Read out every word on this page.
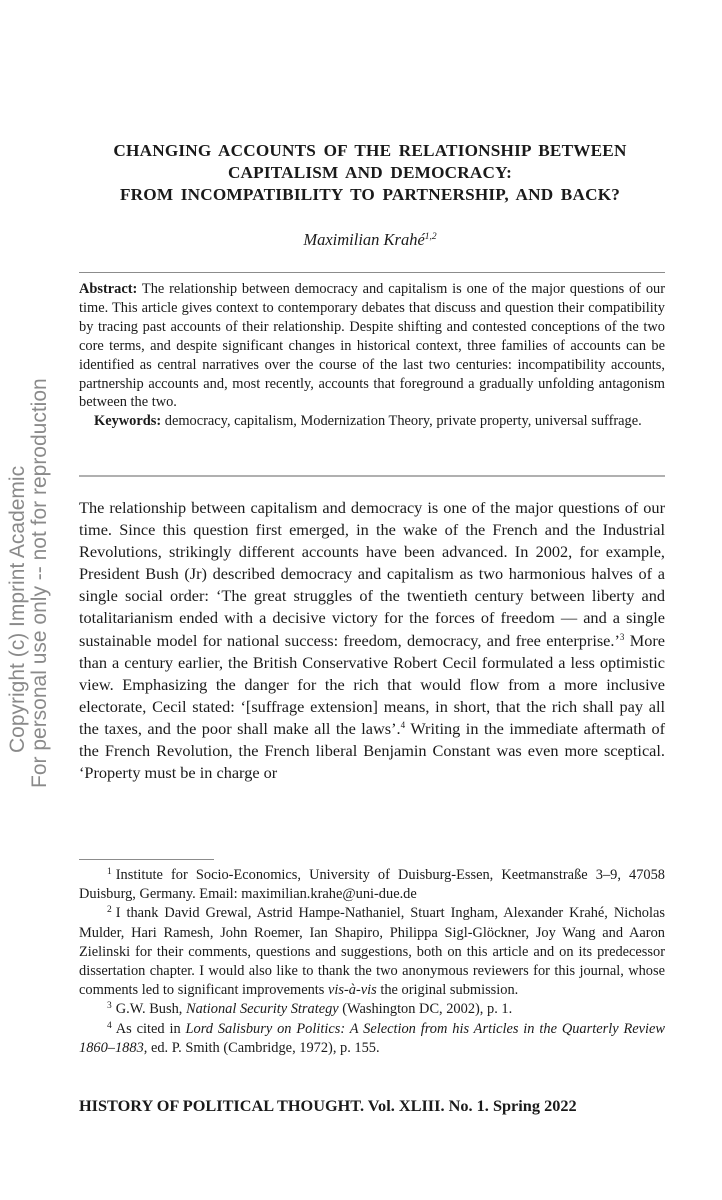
Copyright (c) Imprint Academic For personal use only -- not for reproduction
CHANGING ACCOUNTS OF THE RELATIONSHIP BETWEEN
CAPITALISM AND DEMOCRACY:
FROM INCOMPATIBILITY TO PARTNERSHIP, AND BACK?
Maximilian Krahé$^{1,2}$

Abstract: The relationship between democracy and capitalism is one of the major questions of our time. This article gives context to contemporary debates that discuss and question their compatibility by tracing past accounts of their relationship. Despite shifting and contested conceptions of the two core terms, and despite significant changes in historical context, three families of accounts can be identified as central narratives over the course of the last two centuries: incompatibility accounts, partnership accounts and, most recently, accounts that foreground a gradually unfolding antagonism between the two.

Keywords: democracy, capitalism, Modernization Theory, private property, universal suffrage.

The relationship between capitalism and democracy is one of the major questions of our time. Since this question first emerged, in the wake of the French and the Industrial Revolutions, strikingly different accounts have been advanced. In 2002, for example, President Bush (Jr) described democracy and capitalism as two harmonious halves of a single social order: ‘The great struggles of the twentieth century between liberty and totalitarianism ended with a decisive victory for the forces of freedom — and a single sustainable model for national success: freedom, democracy, and free enterprise.’$^3$ More than a century earlier, the British Conservative Robert Cecil formulated a less optimistic view. Emphasizing the danger for the rich that would flow from a more inclusive electorate, Cecil stated: ‘[suffrage extension] means, in short, that the rich shall pay all the taxes, and the poor shall make all the laws’.$^4$ Writing in the immediate aftermath of the French Revolution, the French liberal Benjamin Constant was even more sceptical. ‘Property must be in charge or

$^1$ Institute for Socio-Economics, University of Duisburg-Essen, Keetmanstraße 3–9, 47058 Duisburg, Germany. Email: maximilian.krahe@uni-due.de

$^2$ I thank David Grewal, Astrid Hampe-Nathaniel, Stuart Ingham, Alexander Krahé, Nicholas Mulder, Hari Ramesh, John Roemer, Ian Shapiro, Philippa Sigl-Glöckner, Joy Wang and Aaron Zielinski for their comments, questions and suggestions, both on this article and on its predecessor dissertation chapter. I would also like to thank the two anonymous reviewers for this journal, whose comments led to significant improvements vis-à-vis the original submission.

$^3$ G.W. Bush, National Security Strategy (Washington DC, 2002), p. 1.

$^4$ As cited in Lord Salisbury on Politics: A Selection from his Articles in the Quarterly Review 1860–1883, ed. P. Smith (Cambridge, 1972), p. 155.

HISTORY OF POLITICAL THOUGHT. Vol. XLIII. No. 1. Spring 2022
